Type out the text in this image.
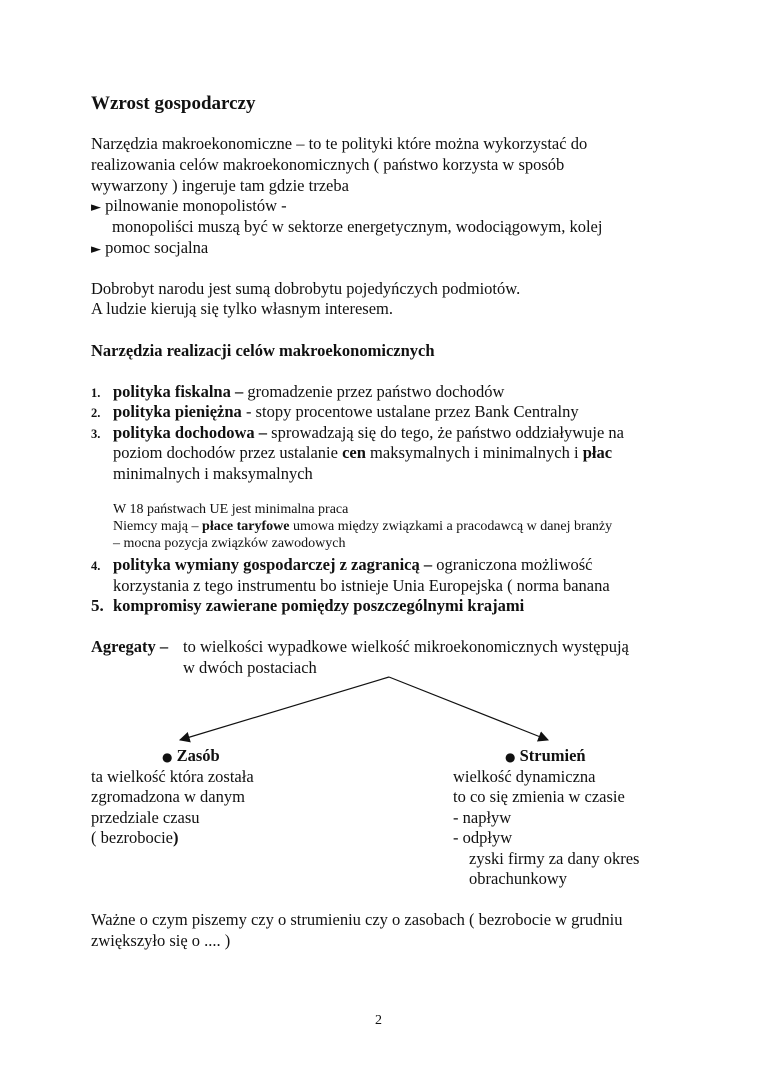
Wzrost gospodarczy
Narzędzia makroekonomiczne – to te polityki które można wykorzystać do
realizowania celów makroekonomicznych ( państwo korzysta w sposób
wywarzony ) ingeruje tam gdzie trzeba
► pilnowanie monopolistów -
monopoliści muszą być w sektorze energetycznym, wodociągowym, kolej
► pomoc socjalna
Dobrobyt narodu jest sumą dobrobytu pojedyńczych podmiotów.
A ludzie kierują się tylko własnym interesem.
Narzędzia realizacji celów makroekonomicznych
1. polityka fiskalna – gromadzenie przez państwo dochodów
2. polityka pieniężna - stopy procentowe ustalane przez Bank Centralny
3. polityka dochodowa – sprowadzają się do tego, że państwo oddziaływuje na
poziom dochodów przez ustalanie cen maksymalnych i minimalnych i płac
minimalnych i maksymalnych
W 18 państwach UE jest minimalna praca
Niemcy mają – płace taryfowe umowa między związkami a pracodawcą w danej branży
– mocna pozycja związków zawodowych
4. polityka wymiany gospodarczej z zagranicą – ograniczona możliwość
korzystania z tego instrumentu bo istnieje Unia Europejska ( norma banana
5. kompromisy zawierane pomiędzy poszczególnymi krajami
Agregaty – to wielkości wypadkowe wielkość mikroekonomicznych występują
w dwóch postaciach
● Zasób
ta wielkość która została
zgromadzona w danym
przedziale czasu
( bezrobocie)
● Strumień
wielkość dynamiczna
to co się zmienia w czasie
- napływ
- odpływ
zyski firmy za dany okres
obrachunkowy
Ważne o czym piszemy czy o strumieniu czy o zasobach ( bezrobocie w grudniu
zwiększyło się o .... )
2
